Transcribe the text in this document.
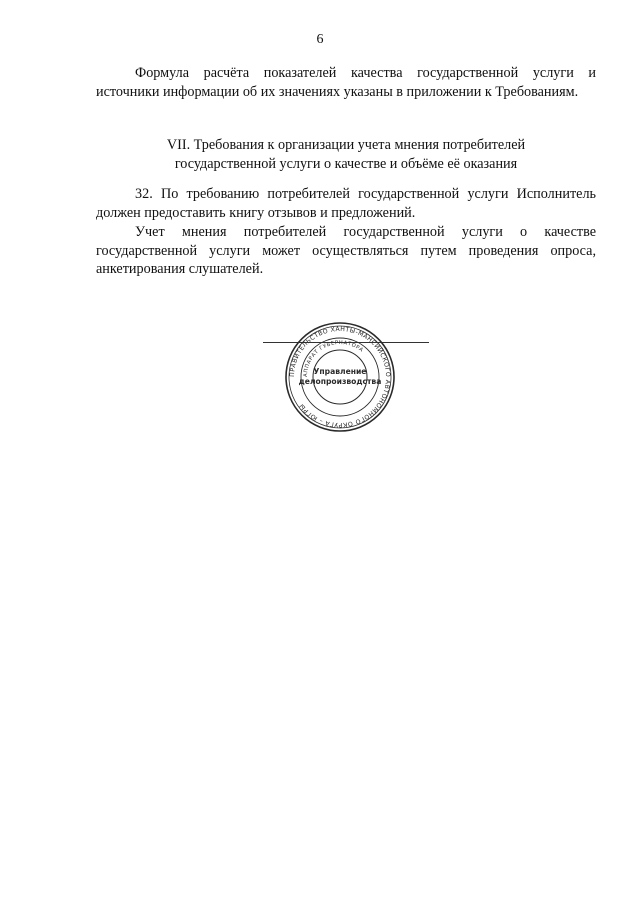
6

Формула расчёта показателей качества государственной услуги и источники информации об их значениях указаны в приложении к Требованиям.

VII. Требования к организации учета мнения потребителей
государственной услуги о качестве и объёме её оказания

32. По требованию потребителей государственной услуги Исполнитель должен предоставить книгу отзывов и предложений.

Учет мнения потребителей государственной услуги о качестве государственной услуги может осуществляться путем проведения опроса, анкетирования слушателей.

ПРАВИТЕЛЬСТВО ХАНТЫ-МАНСИЙСКОГО АВТОНОМНОГО ОКРУГА – ЮГРЫ
АППАРАТ ГУБЕРНАТОРА
Управление
делопроизводства
